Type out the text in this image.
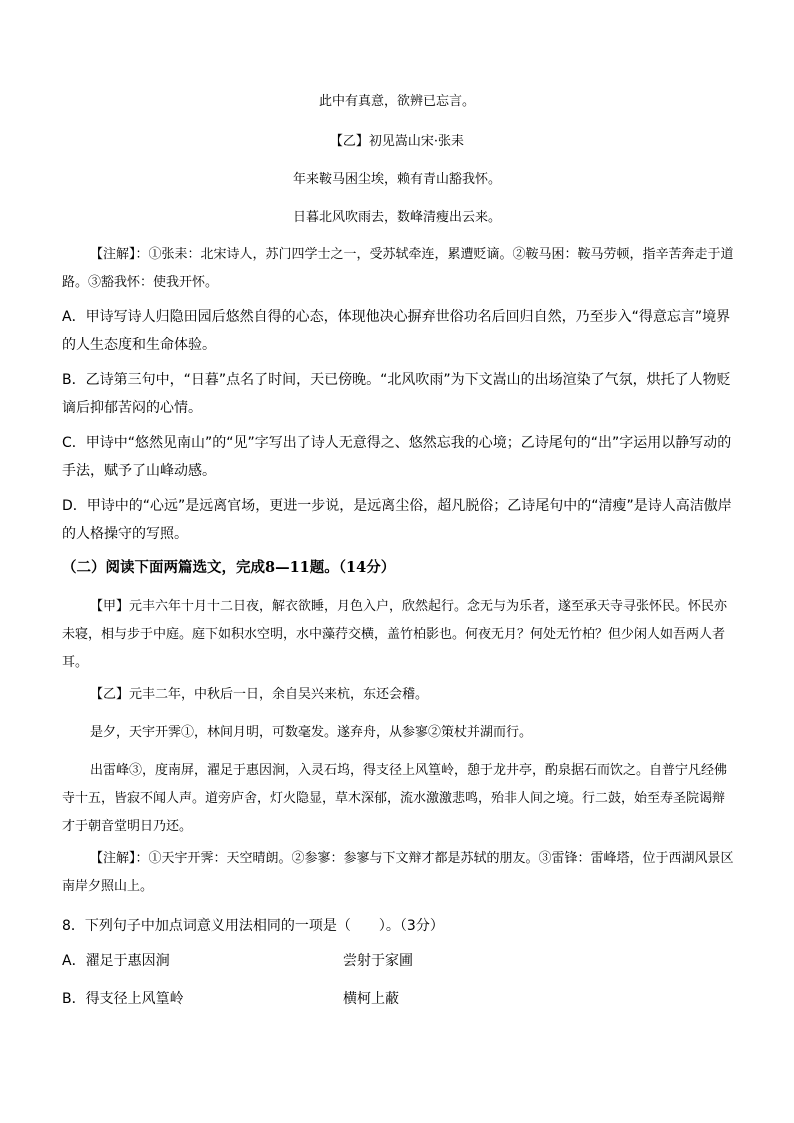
此中有真意，欲辨已忘言。
【乙】初见嵩山宋·张耒
年来鞍马困尘埃，赖有青山豁我怀。
日暮北风吹雨去，数峰清瘦出云来。
【注解】：①张耒：北宋诗人，苏门四学士之一，受苏轼牵连，累遭贬谪。②鞍马困：鞍马劳顿，指辛苦奔走于道路。③豁我怀：使我开怀。
A．甲诗写诗人归隐田园后悠然自得的心态，体现他决心摒弃世俗功名后回归自然，乃至步入“得意忘言”境界的人生态度和生命体验。
B．乙诗第三句中，“日暮”点名了时间，天已傍晚。“北风吹雨”为下文嵩山的出场渲染了气氛，烘托了人物贬谪后抑郁苦闷的心情。
C．甲诗中“悠然见南山”的“见”字写出了诗人无意得之、悠然忘我的心境；乙诗尾句的“出”字运用以静写动的手法，赋予了山峰动感。
D．甲诗中的“心远”是远离官场，更进一步说，是远离尘俗，超凡脱俗；乙诗尾句中的“清瘦”是诗人高洁傲岸的人格操守的写照。
（二）阅读下面两篇选文，完成8—11题。（14分）
【甲】元丰六年十月十二日夜，解衣欲睡，月色入户，欣然起行。念无与为乐者，遂至承天寺寻张怀民。怀民亦未寝，相与步于中庭。庭下如积水空明，水中藻荇交横，盖竹柏影也。何夜无月？何处无竹柏？但少闲人如吾两人者耳。
【乙】元丰二年，中秋后一日，余自吴兴来杭，东还会稽。
是夕，天宇开霁①，林间月明，可数毫发。遂弃舟，从参寥②策杖并湖而行。
出雷峰③，度南屏，濯足于惠因涧，入灵石坞，得支径上风篁岭，憩于龙井亭，酌泉据石而饮之。自普宁凡经佛寺十五，皆寂不闻人声。道旁庐舍，灯火隐显，草木深郁，流水激激悲鸣，殆非人间之境。行二鼓，始至寿圣院谒辩才于朝音堂明日乃还。
【注解】：①天宇开霁：天空晴朗。②参寥：参寥与下文辩才都是苏轼的朋友。③雷锋：雷峰塔，位于西湖风景区南岸夕照山上。
8．下列句子中加点词意义用法相同的一项是（　　）。（3分）
A．濯足于惠因涧	尝射于家圃
B．得支径上风篁岭	横柯上蔽
